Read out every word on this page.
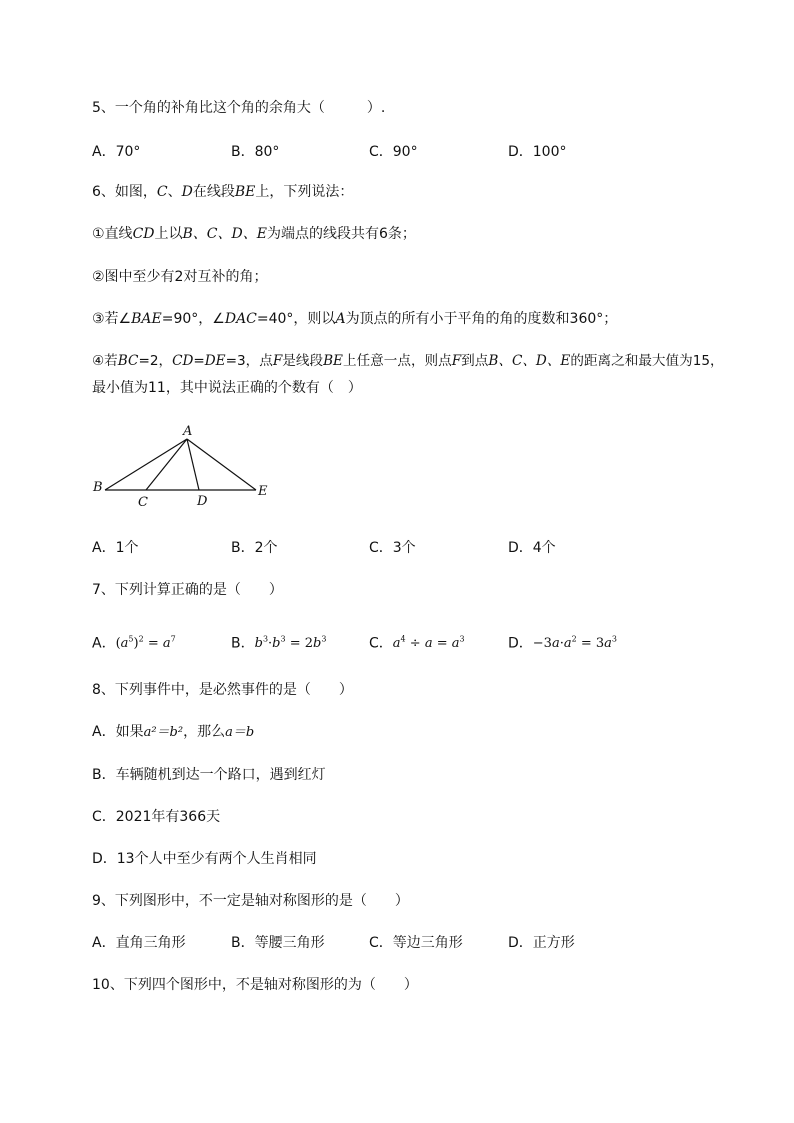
5、一个角的补角比这个角的余角大（　　　）.
A．70°	B．80°	C．90°	D．100°
6、如图，C、D在线段BE上，下列说法：
①直线CD上以B、C、D、E为端点的线段共有6条；
②图中至少有2对互补的角；
③若∠BAE=90°，∠DAC=40°，则以A为顶点的所有小于平角的角的度数和360°；
④若BC=2，CD=DE=3，点F是线段BE上任意一点，则点F到点B、C、D、E的距离之和最大值为15，
最小值为11，其中说法正确的个数有（　）
A
B
C	D
E
A．1个	B．2个	C．3个	D．4个
7、下列计算正确的是（　　）
A．$(a^5)^2 = a^7$	B．$b^3\cdot b^3 = 2b^3$	C．$a^4 \div a = a^3$	D．$-3a\cdot a^2 = 3a^3$
8、下列事件中，是必然事件的是（　　）
A．如果a²＝b²，那么a＝b
B．车辆随机到达一个路口，遇到红灯
C．2021年有366天
D．13个人中至少有两个人生肖相同
9、下列图形中，不一定是轴对称图形的是（　　）
A．直角三角形	B．等腰三角形	C．等边三角形	D．正方形
10、下列四个图形中，不是轴对称图形的为（　　）
